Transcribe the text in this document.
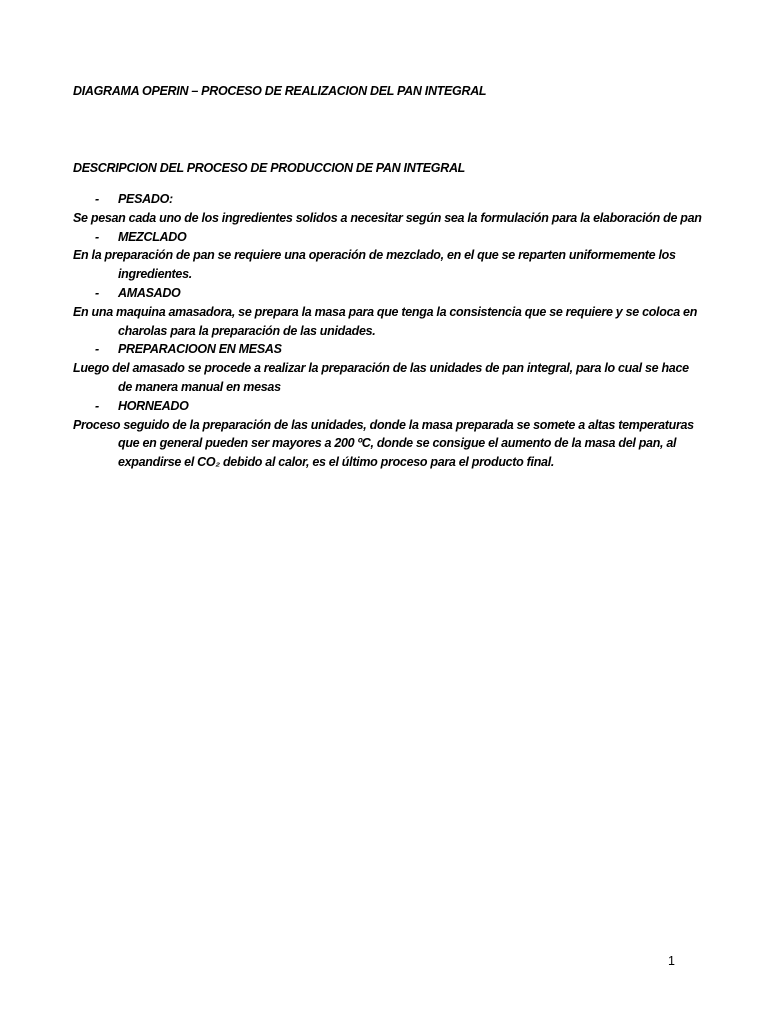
DIAGRAMA OPERIN – PROCESO DE REALIZACION DEL PAN INTEGRAL
DESCRIPCION DEL PROCESO DE PRODUCCION DE PAN INTEGRAL
- PESADO:

Se pesan cada uno de los ingredientes solidos a necesitar según sea la formulación para la elaboración de pan

- MEZCLADO

En la preparación de pan se requiere una operación de mezclado, en el que se reparten uniformemente los ingredientes.

- AMASADO

En una maquina amasadora, se prepara la masa para que tenga la consistencia que se requiere y se coloca en charolas para la preparación de las unidades.

- PREPARACIOON EN MESAS

Luego del amasado se procede a realizar la preparación de las unidades de pan integral, para lo cual se hace de manera manual en mesas

- HORNEADO

Proceso seguido de la preparación de las unidades, donde la masa preparada se somete a altas temperaturas que en general pueden ser mayores a 200 ºC, donde se consigue el aumento de la masa del pan, al expandirse el CO₂ debido al calor, es el último proceso para el producto final.

1
